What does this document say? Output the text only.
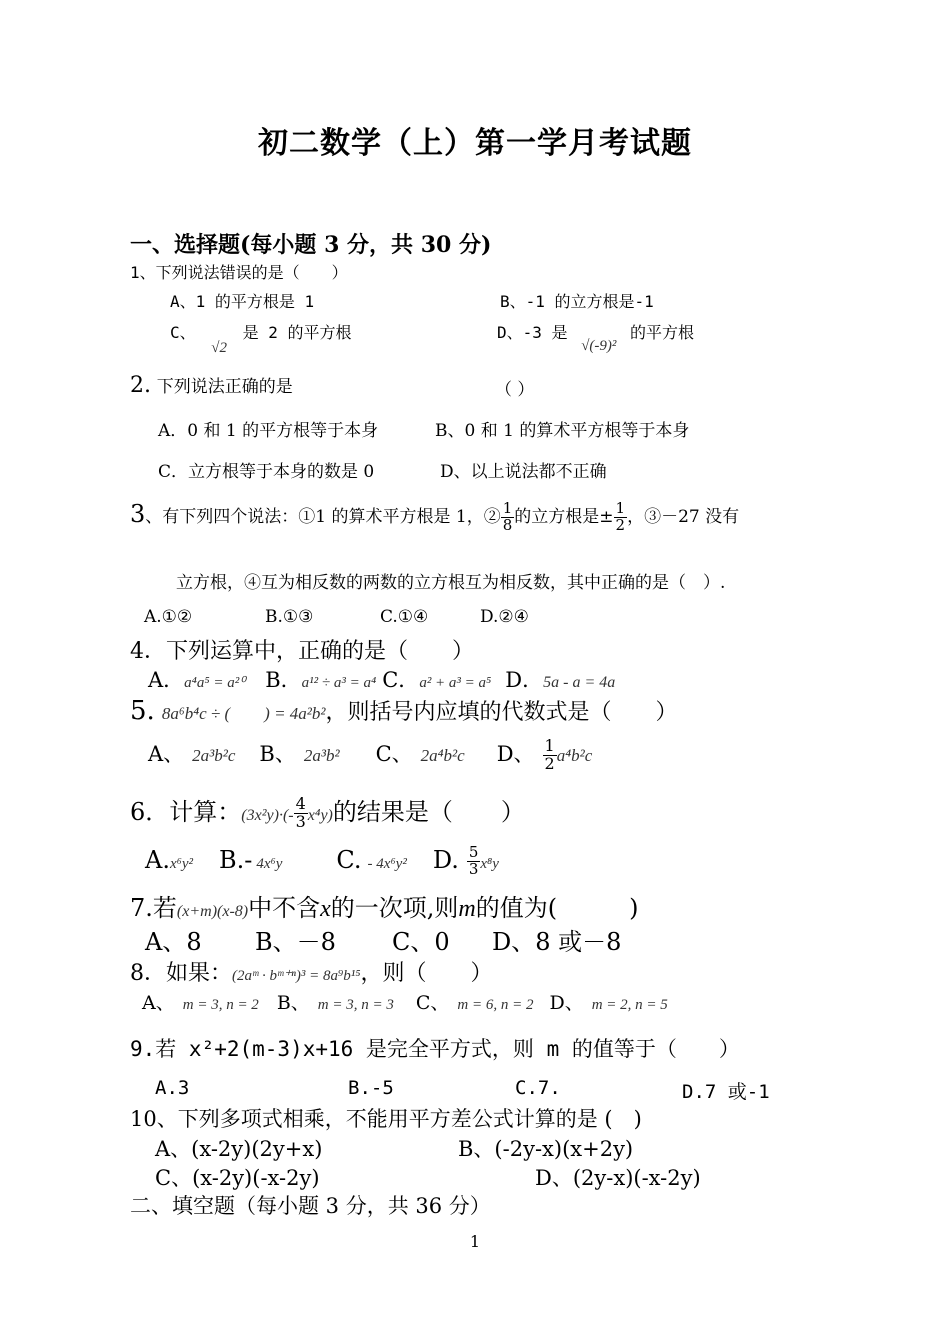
初二数学（上）第一学月考试题
一、选择题(每小题 3 分，共 30 分)
1、下列说法错误的是（　　）
A、1 的平方根是 1	B、-1 的立方根是-1
C、 √2 是 2 的平方根	D、-3 是 √(-9)² 的平方根
2. 下列说法正确的是	（ ）
A．0 和 1 的平方根等于本身	B、0 和 1 的算术平方根等于本身
C．立方根等于本身的数是 0	D、以上说法都不正确
3、有下列四个说法：①1 的算术平方根是 1，② $\frac{1}{8}$ 的立方根是± $\frac{1}{2}$ ，③－27 没有
立方根，④互为相反数的两数的立方根互为相反数，其中正确的是（　）.
A.①②	B.①③	C.①④	D.②④
4．下列运算中，正确的是（　　）
A．a⁴a⁵ = a²⁰ B．a¹² ÷ a³ = a⁴ C．a² + a³ = a⁵ D．5a - a = 4a
5. 8a⁶b⁴c ÷ (　　) = 4a²b²，则括号内应填的代数式是（　　）
A、 2a³b²c B、 2a³b² C、 2a⁴b²c D、 $\frac{1}{2} a^4b^2c$
6．计算：$(3x^2y)\cdot(- \frac{4}{3} x^4y)$的结果是（　　）
A.x⁶y² B.- 4x⁶y C. - 4x⁶y² D. $\frac{5}{3} x^8y$
7.若(x+m)(x-8)中不含x的一次项,则m的值为(　　　)
A、8 B、－8 C、0 D、8 或－8
8．如果：(2aᵐ · bᵐ⁺ⁿ)³ = 8a⁹b¹⁵，则（　　）
A、 m = 3, n = 2 B、 m = 3, n = 3 C、 m = 6, n = 2 D、 m = 2, n = 5
9.若 x²+2(m-3)x+16 是完全平方式，则 m 的值等于（　　）
A.3	B.-5	C.7.	D.7 或-1
10、下列多项式相乘，不能用平方差公式计算的是 (　)
A、(x-2y)(2y+x)	B、(-2y-x)(x+2y)
C、(x-2y)(-x-2y)	D、(2y-x)(-x-2y)
二、填空题（每小题 3 分，共 36 分）
1
